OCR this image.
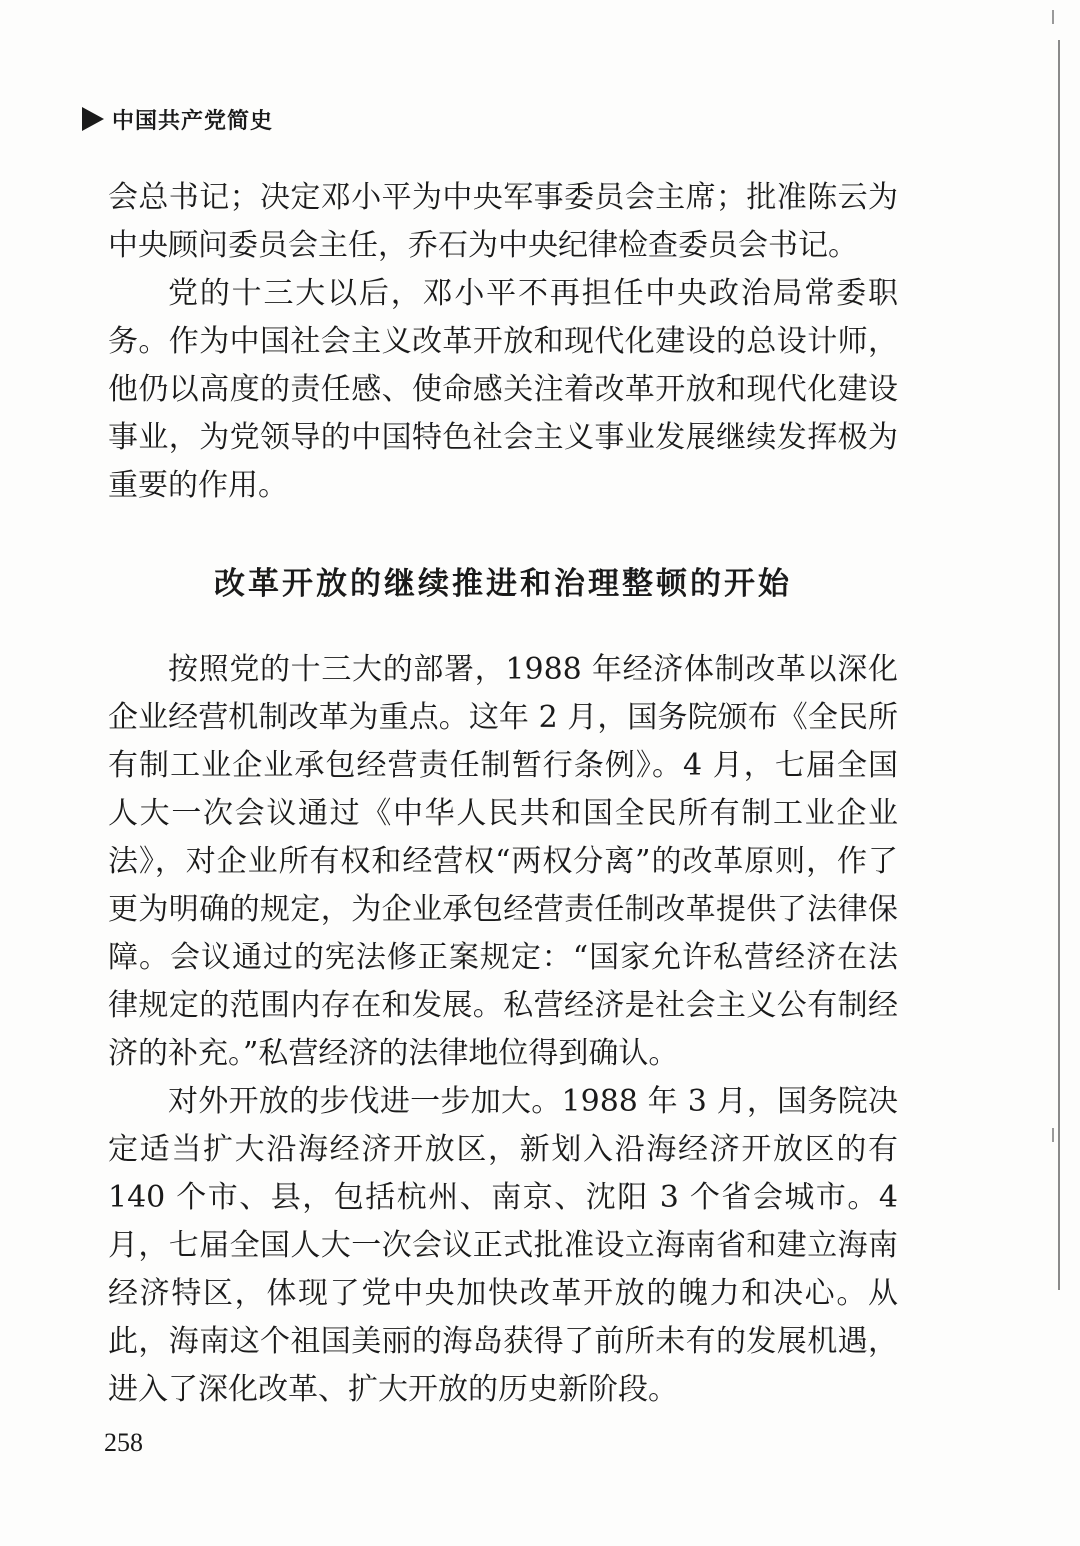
中国共产党简史

会总书记；决定邓小平为中央军事委员会主席；批准陈云为中央顾问委员会主任，乔石为中央纪律检查委员会书记。

党的十三大以后，邓小平不再担任中央政治局常委职务。作为中国社会主义改革开放和现代化建设的总设计师，他仍以高度的责任感、使命感关注着改革开放和现代化建设事业，为党领导的中国特色社会主义事业发展继续发挥极为重要的作用。

改革开放的继续推进和治理整顿的开始

按照党的十三大的部署，1988 年经济体制改革以深化企业经营机制改革为重点。这年 2 月，国务院颁布《全民所有制工业企业承包经营责任制暂行条例》。4 月，七届全国人大一次会议通过《中华人民共和国全民所有制工业企业法》，对企业所有权和经营权“两权分离”的改革原则，作了更为明确的规定，为企业承包经营责任制改革提供了法律保障。会议通过的宪法修正案规定：“国家允许私营经济在法律规定的范围内存在和发展。私营经济是社会主义公有制经济的补充。”私营经济的法律地位得到确认。

对外开放的步伐进一步加大。1988 年 3 月，国务院决定适当扩大沿海经济开放区，新划入沿海经济开放区的有 140 个市、县，包括杭州、南京、沈阳 3 个省会城市。4 月，七届全国人大一次会议正式批准设立海南省和建立海南经济特区，体现了党中央加快改革开放的魄力和决心。从此，海南这个祖国美丽的海岛获得了前所未有的发展机遇，进入了深化改革、扩大开放的历史新阶段。

258
